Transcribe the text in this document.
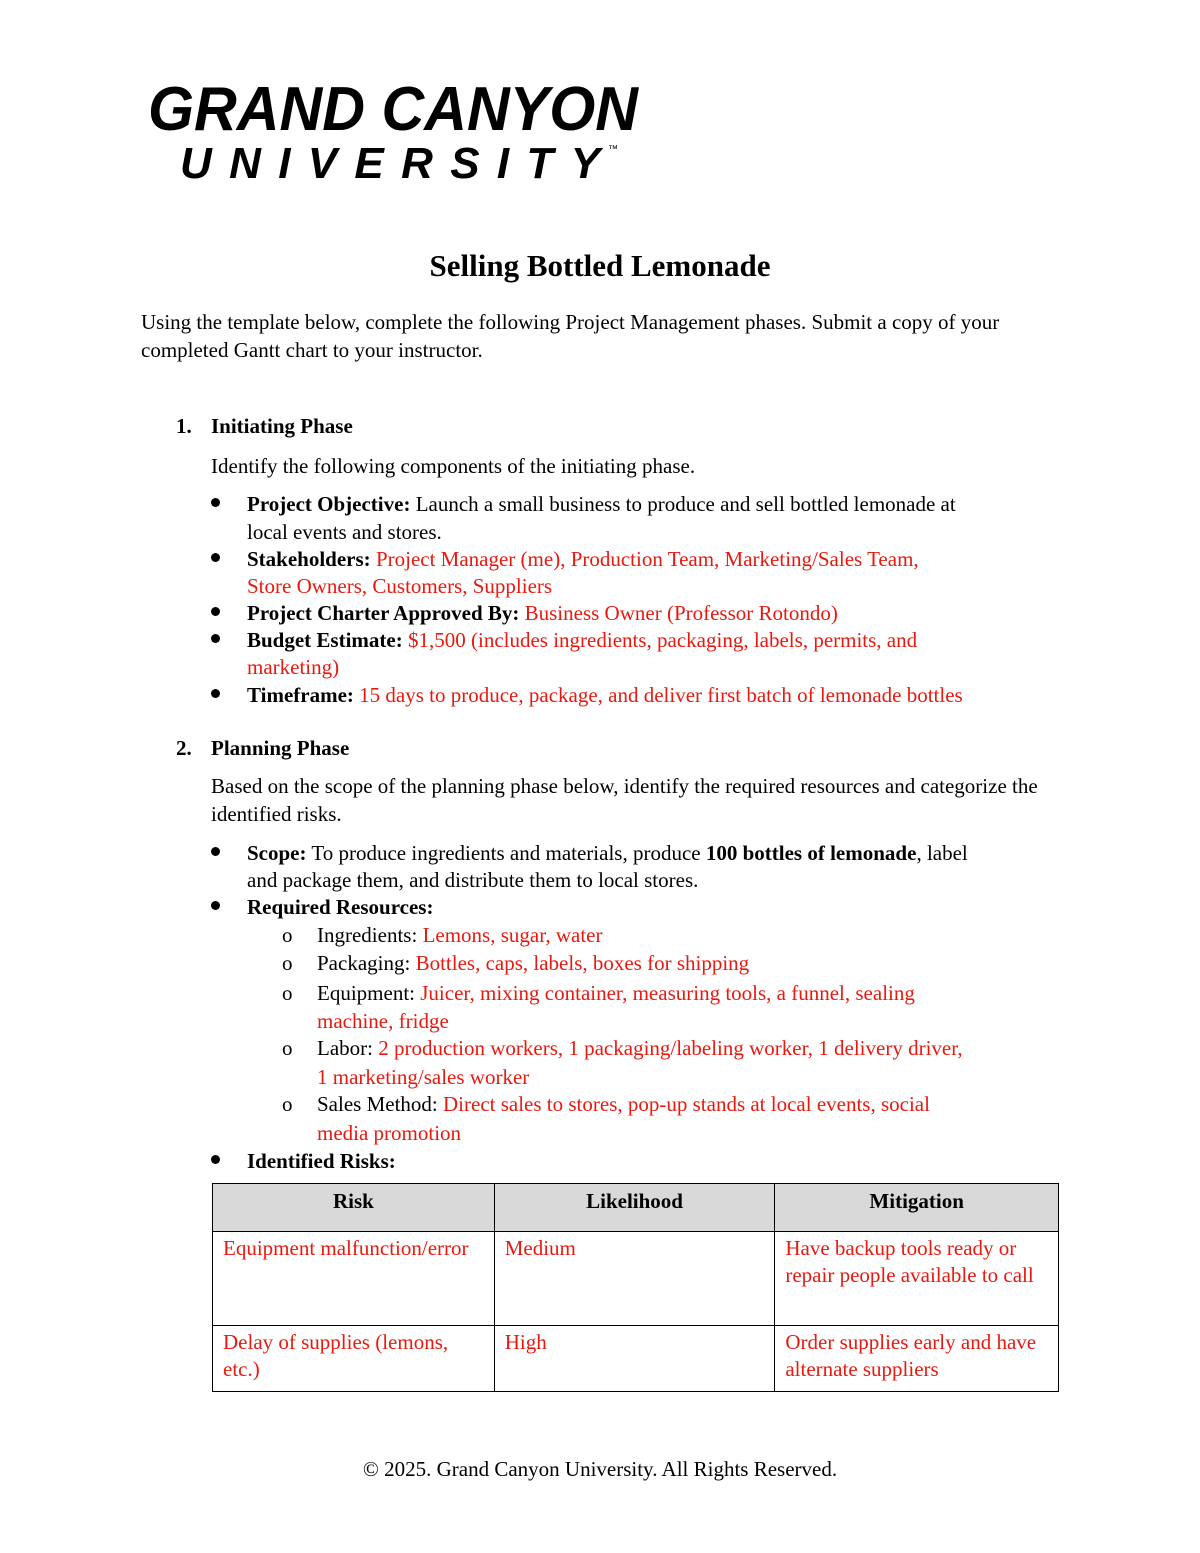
GRAND CANYON
UNIVERSITY ™
Selling Bottled Lemonade
Using the template below, complete the following Project Management phases. Submit a copy of your completed Gantt chart to your instructor.
1. Initiating Phase
Identify the following components of the initiating phase.
Project Objective: Launch a small business to produce and sell bottled lemonade at
local events and stores.
Stakeholders: Project Manager (me), Production Team, Marketing/Sales Team,
Store Owners, Customers, Suppliers
Project Charter Approved By: Business Owner (Professor Rotondo)
Budget Estimate: $1,500 (includes ingredients, packaging, labels, permits, and
marketing)
Timeframe: 15 days to produce, package, and deliver first batch of lemonade bottles
2. Planning Phase
Based on the scope of the planning phase below, identify the required resources and categorize the identified risks.
Scope: To produce ingredients and materials, produce 100 bottles of lemonade, label
and package them, and distribute them to local stores.
Required Resources:
o Ingredients: Lemons, sugar, water
o Packaging: Bottles, caps, labels, boxes for shipping
o Equipment: Juicer, mixing container, measuring tools, a funnel, sealing
machine, fridge
o Labor: 2 production workers, 1 packaging/labeling worker, 1 delivery driver,
1 marketing/sales worker
o Sales Method: Direct sales to stores, pop-up stands at local events, social
media promotion
Identified Risks:
Risk	Likelihood	Mitigation
Equipment malfunction/error	Medium	Have backup tools ready or repair people available to call
Delay of supplies (lemons, etc.)	High	Order supplies early and have alternate suppliers
© 2025. Grand Canyon University. All Rights Reserved.
